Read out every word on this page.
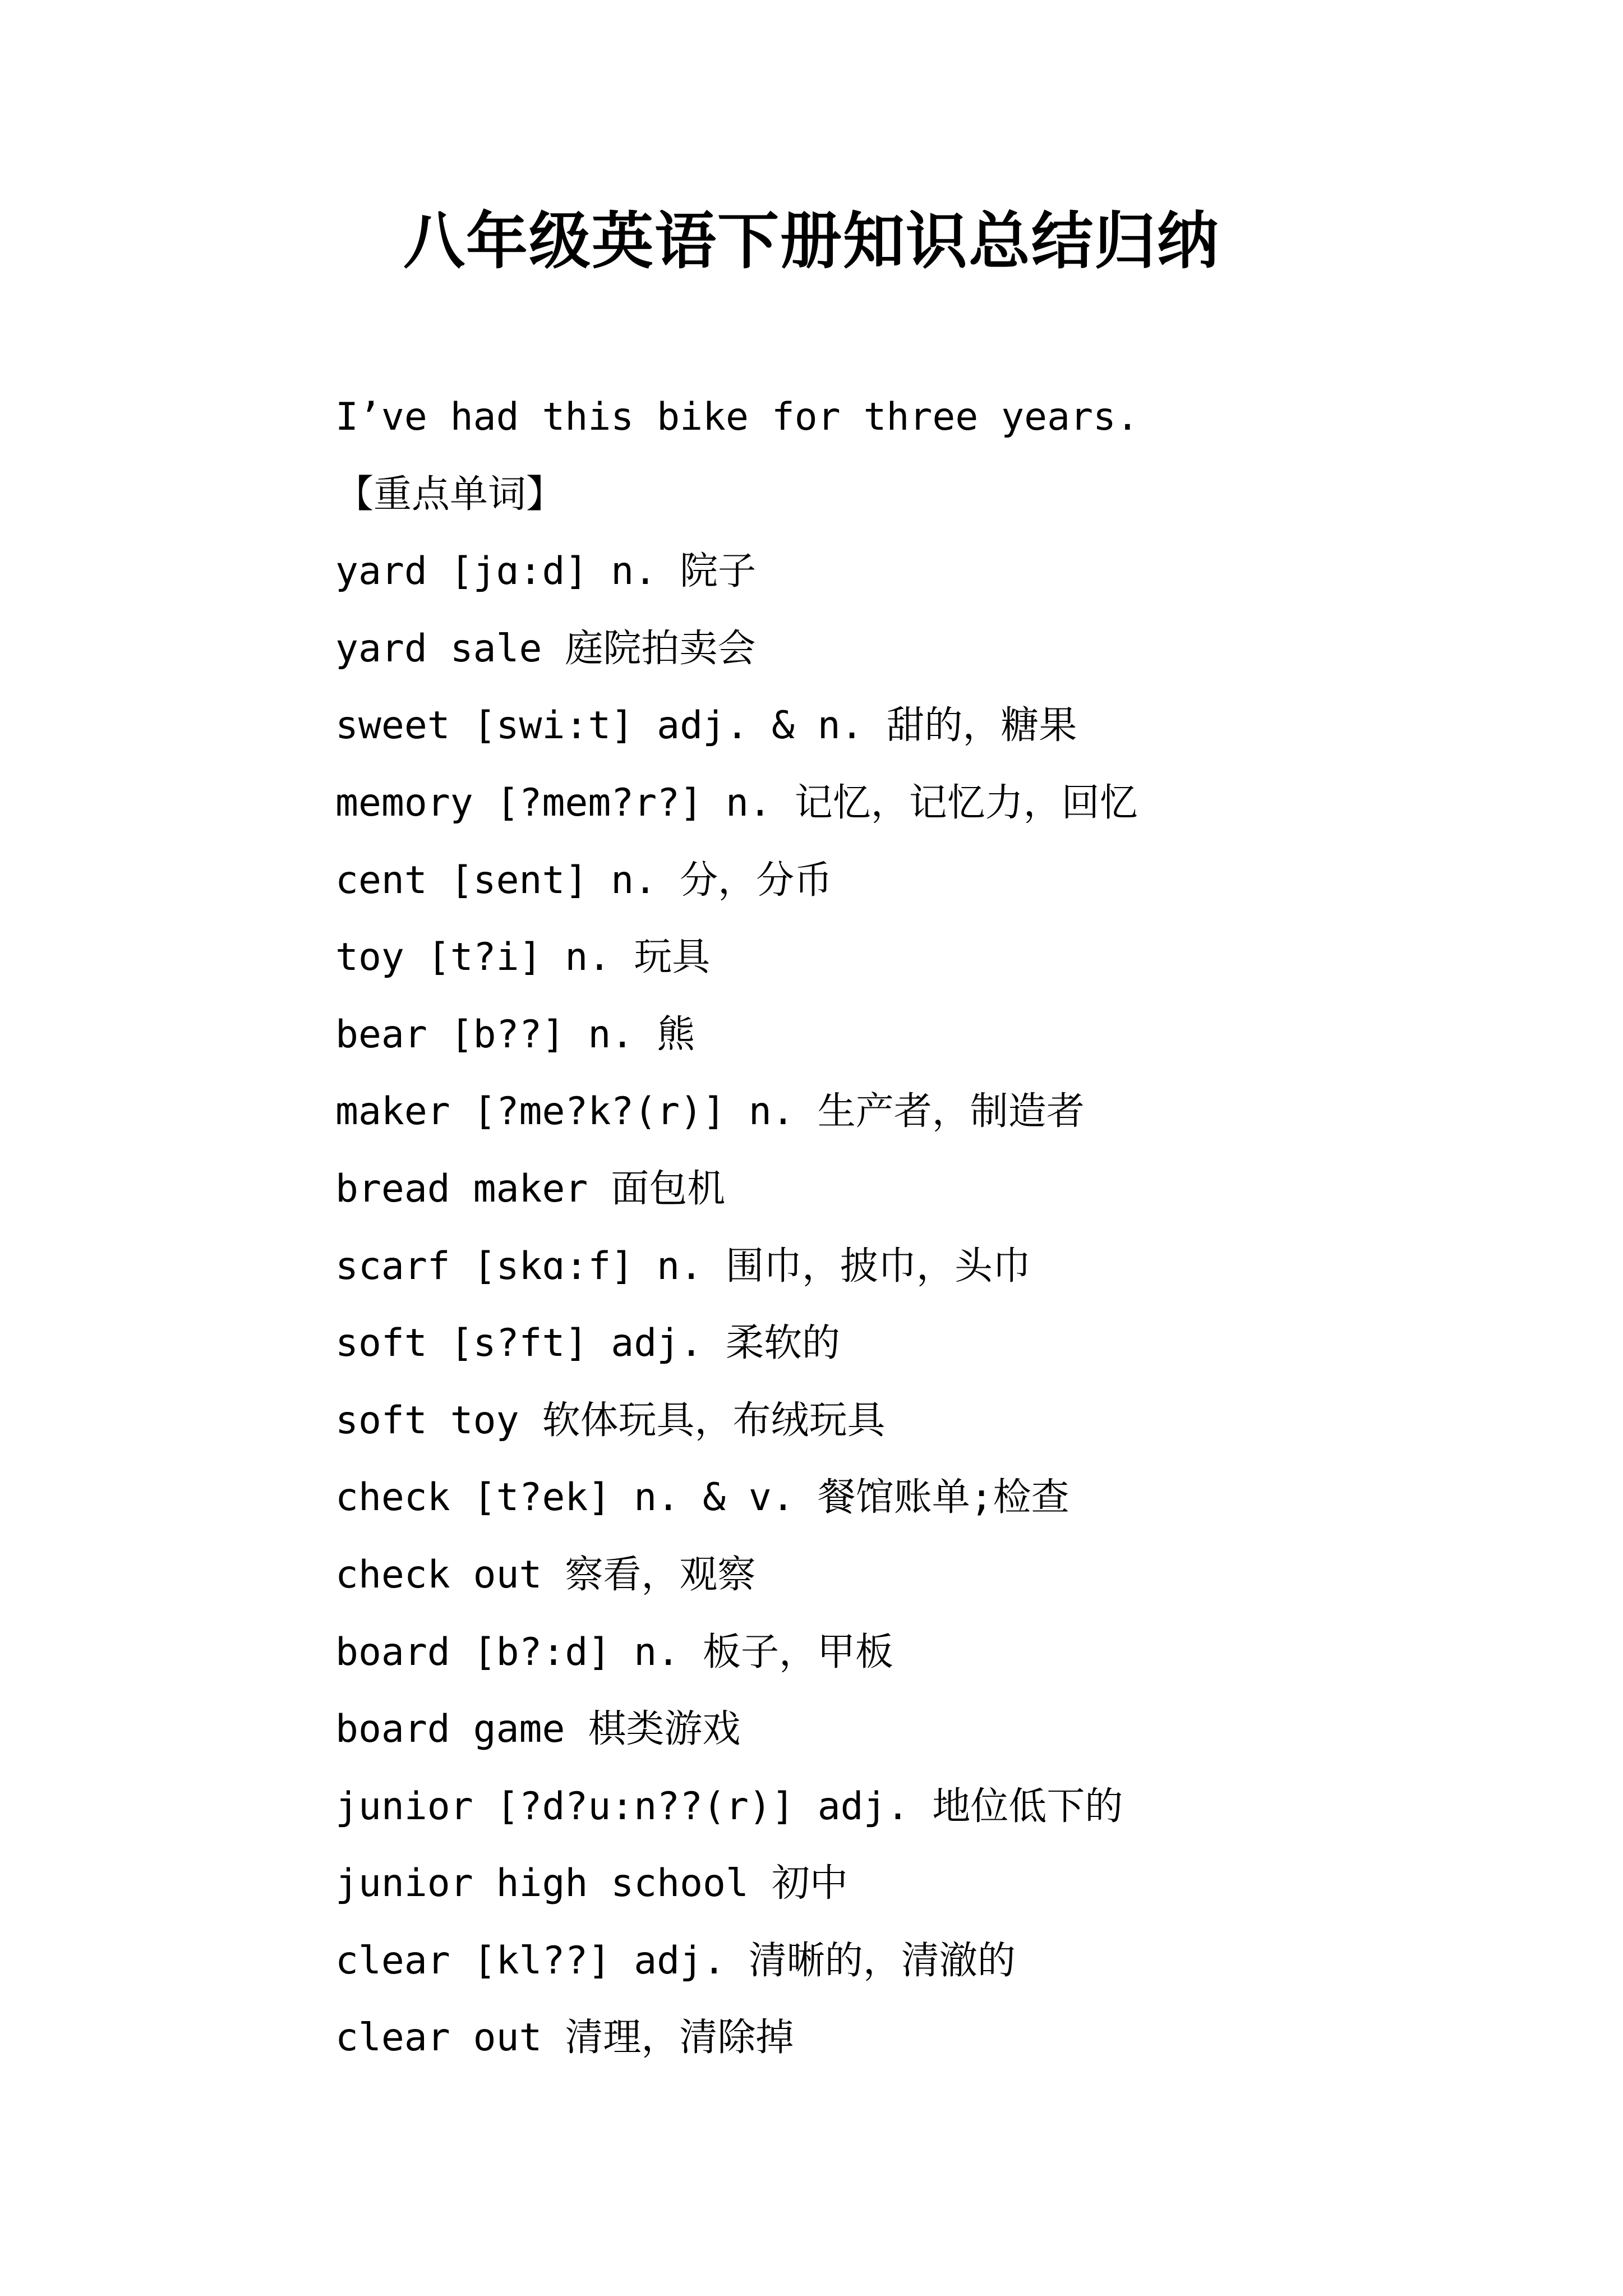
八年级英语下册知识总结归纳
I’ve had this bike for three years.
【重点单词】
yard [jɑ:d] n. 院子
yard sale 庭院拍卖会
sweet [swi:t] adj. & n. 甜的，糖果
memory [?mem?r?] n. 记忆，记忆力，回忆
cent [sent] n. 分，分币
toy [t?i] n. 玩具
bear [b??] n. 熊
maker [?me?k?(r)] n. 生产者，制造者
bread maker 面包机
scarf [skɑ:f] n. 围巾，披巾，头巾
soft [s?ft] adj. 柔软的
soft toy 软体玩具，布绒玩具
check [t?ek] n. & v. 餐馆账单;检查
check out 察看，观察
board [b?:d] n. 板子，甲板
board game 棋类游戏
junior [?d?u:n??(r)] adj. 地位低下的
junior high school 初中
clear [kl??] adj. 清晰的，清澈的
clear out 清理，清除掉
